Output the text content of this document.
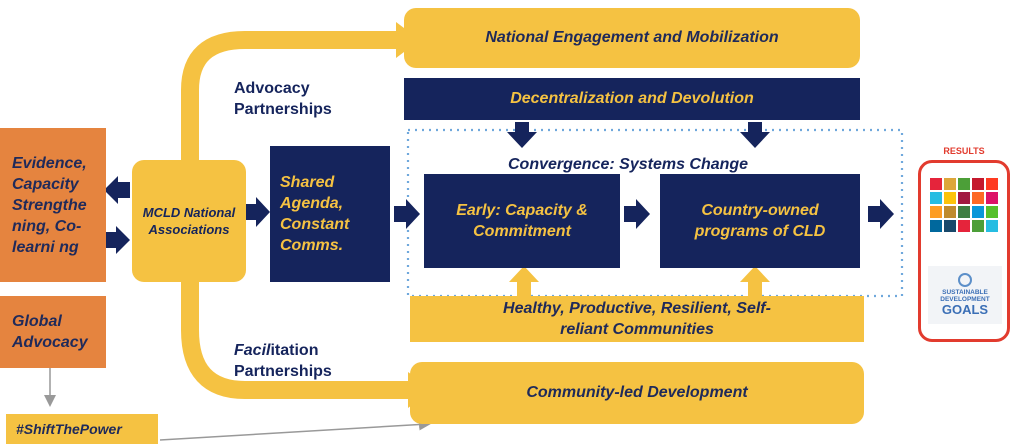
National Engagement and Mobilization
Decentralization and Devolution
Evidence, Capacity Strengthe ning, Co-learni ng
Global Advocacy
#ShiftThePower
MCLD National Associations
Shared Agenda, Constant Comms.
Convergence: Systems Change
Early: Capacity & Commitment
Country-owned programs of CLD
Healthy, Productive, Resilient, Self-reliant Communities
Community-led Development
Advocacy Partnerships
Facilitation Partnerships
RESULTS
SUSTAINABLE
DEVELOPMENT
GOALS
